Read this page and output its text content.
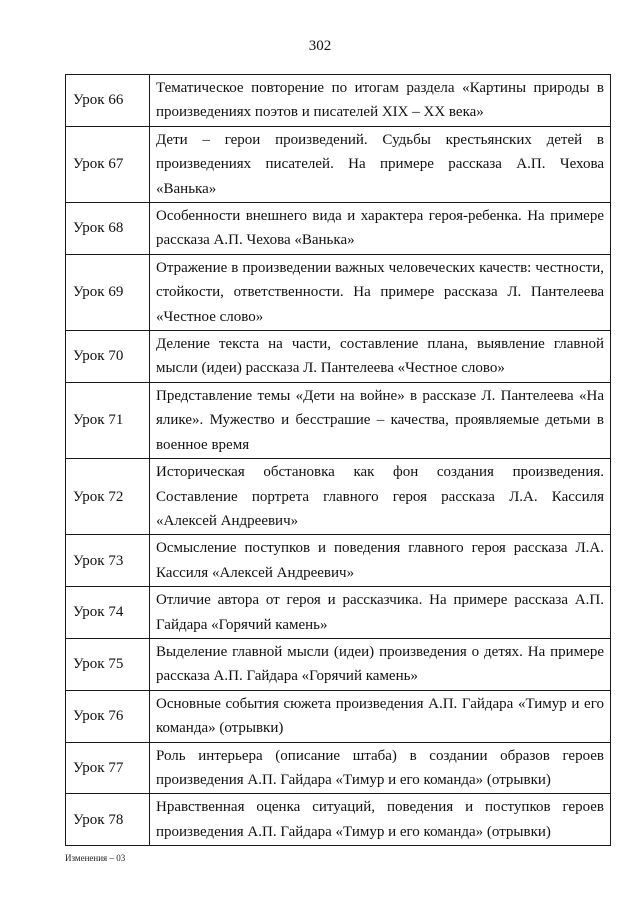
302
Урок 66	Тематическое повторение по итогам раздела «Картины природы в произведениях поэтов и писателей XIX – XX века»
Урок 67	Дети – герои произведений. Судьбы крестьянских детей в произведениях писателей. На примере рассказа А.П. Чехова «Ванька»
Урок 68	Особенности внешнего вида и характера героя-ребенка. На примере рассказа А.П. Чехова «Ванька»
Урок 69	Отражение в произведении важных человеческих качеств: честности, стойкости, ответственности. На примере рассказа Л. Пантелеева «Честное слово»
Урок 70	Деление текста на части, составление плана, выявление главной мысли (идеи) рассказа Л. Пантелеева «Честное слово»
Урок 71	Представление темы «Дети на войне» в рассказе Л. Пантелеева «На ялике». Мужество и бесстрашие – качества, проявляемые детьми в военное время
Урок 72	Историческая обстановка как фон создания произведения. Составление портрета главного героя рассказа Л.А. Кассиля «Алексей Андреевич»
Урок 73	Осмысление поступков и поведения главного героя рассказа Л.А. Кассиля «Алексей Андреевич»
Урок 74	Отличие автора от героя и рассказчика. На примере рассказа А.П. Гайдара «Горячий камень»
Урок 75	Выделение главной мысли (идеи) произведения о детях. На примере рассказа А.П. Гайдара «Горячий камень»
Урок 76	Основные события сюжета произведения А.П. Гайдара «Тимур и его команда» (отрывки)
Урок 77	Роль интерьера (описание штаба) в создании образов героев произведения А.П. Гайдара «Тимур и его команда» (отрывки)
Урок 78	Нравственная оценка ситуаций, поведения и поступков героев произведения А.П. Гайдара «Тимур и его команда» (отрывки)
Изменения – 03
